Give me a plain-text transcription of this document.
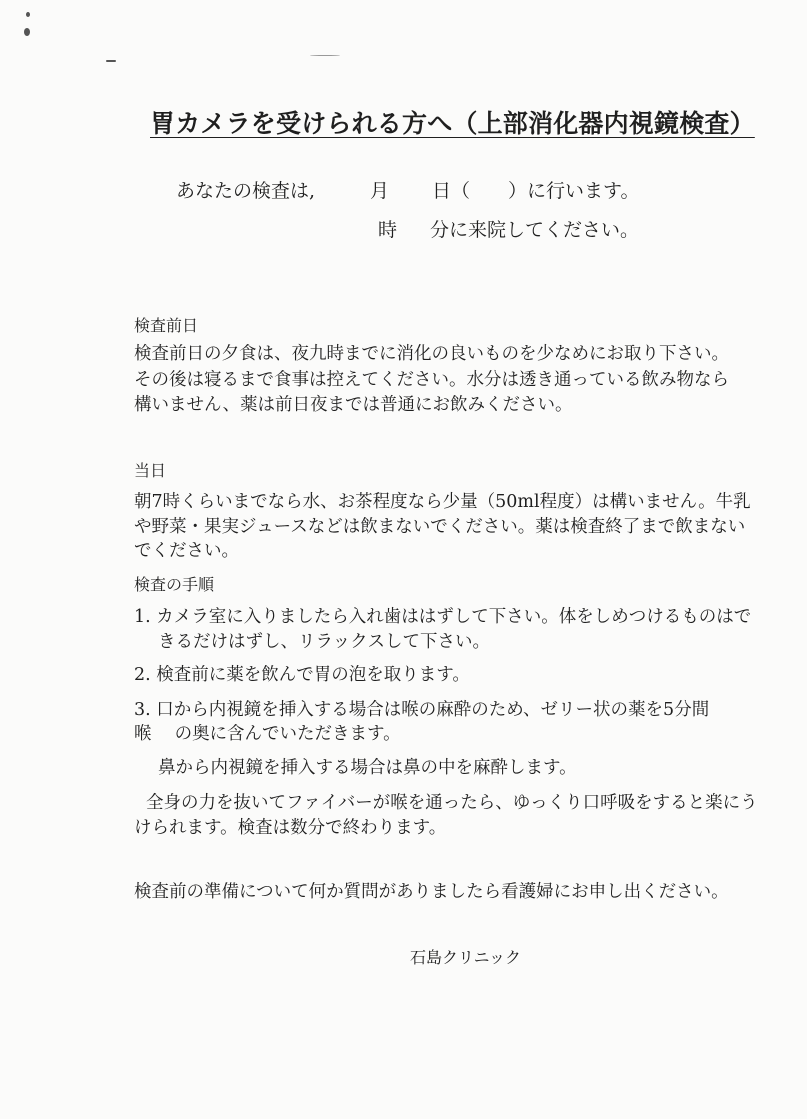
胃カメラを受けられる方へ（上部消化器内視鏡検査）
あなたの検査は,	月 日（　　）に行います。
時 分に来院してください。
検査前日
検査前日の夕食は、夜九時までに消化の良いものを少なめにお取り下さい。
その後は寝るまで食事は控えてください。水分は透き通っている飲み物なら
構いません、薬は前日夜までは普通にお飲みください。
当日
朝7時くらいまでなら水、お茶程度なら少量（50ml程度）は構いません。牛乳
や野菜・果実ジュースなどは飲まないでください。薬は検査終了まで飲まない
でください。
検査の手順
1. カメラ室に入りましたら入れ歯ははずして下さい。体をしめつけるものはで
きるだけはずし、リラックスして下さい。
2. 検査前に薬を飲んで胃の泡を取ります。
3. 口から内視鏡を挿入する場合は喉の麻酔のため、ゼリー状の薬を5分間
喉　 の奥に含んでいただきます。
鼻から内視鏡を挿入する場合は鼻の中を麻酔します。
全身の力を抜いてファイバーが喉を通ったら、ゆっくり口呼吸をすると楽にう
けられます。検査は数分で終わります。
検査前の準備について何か質問がありましたら看護婦にお申し出ください。
石島クリニック
